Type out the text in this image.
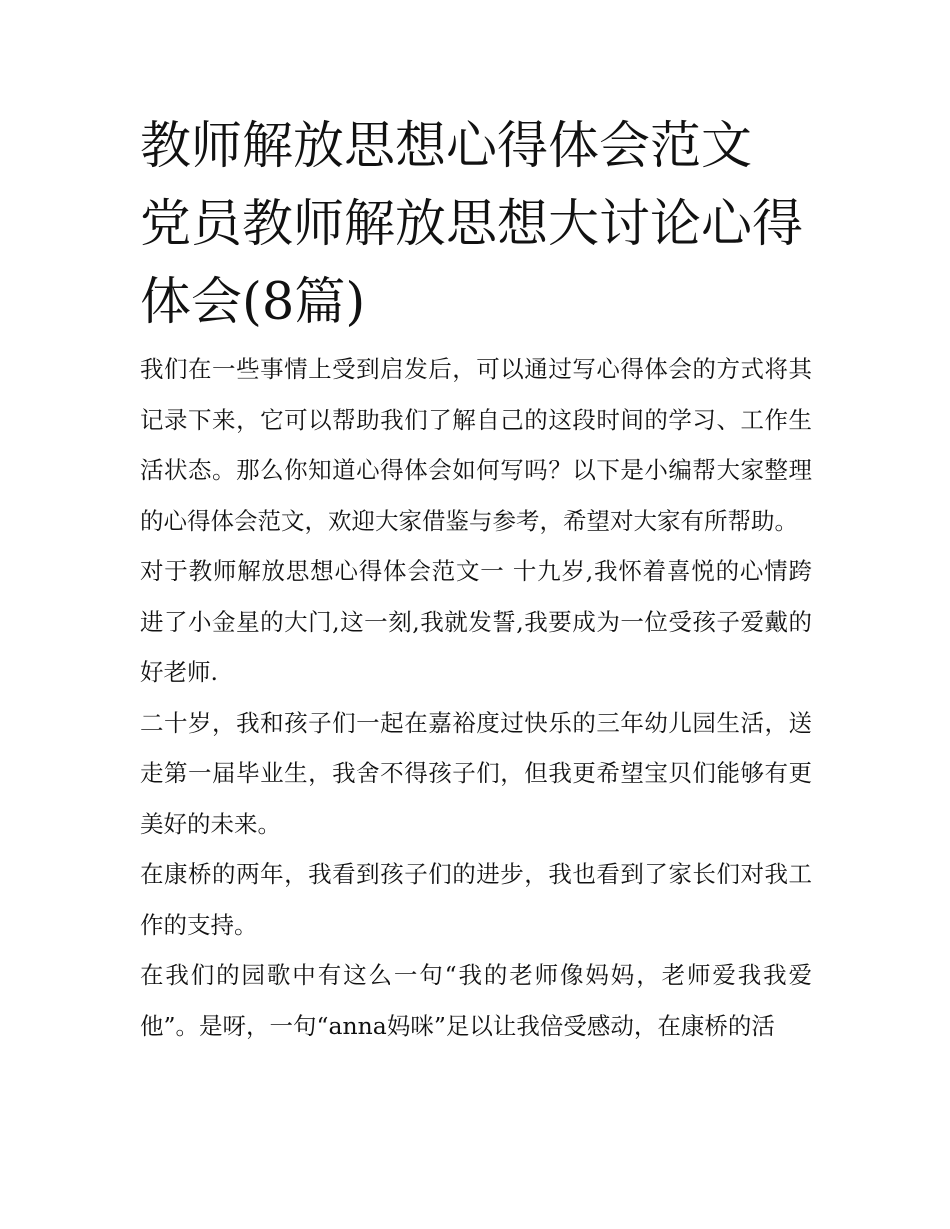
教师解放思想心得体会范文 党员教师解放思想大讨论心得体会(8篇)

我们在一些事情上受到启发后，可以通过写心得体会的方式将其记录下来，它可以帮助我们了解自己的这段时间的学习、工作生活状态。那么你知道心得体会如何写吗？以下是小编帮大家整理的心得体会范文，欢迎大家借鉴与参考，希望对大家有所帮助。

对于教师解放思想心得体会范文一 十九岁,我怀着喜悦的心情跨进了小金星的大门,这一刻,我就发誓,我要成为一位受孩子爱戴的好老师.

二十岁，我和孩子们一起在嘉裕度过快乐的三年幼儿园生活，送走第一届毕业生，我舍不得孩子们，但我更希望宝贝们能够有更美好的未来。

在康桥的两年，我看到孩子们的进步，我也看到了家长们对我工作的支持。

在我们的园歌中有这么一句“我的老师像妈妈，老师爱我我爱他”。是呀，一句“anna妈咪”足以让我倍受感动，在康桥的活
